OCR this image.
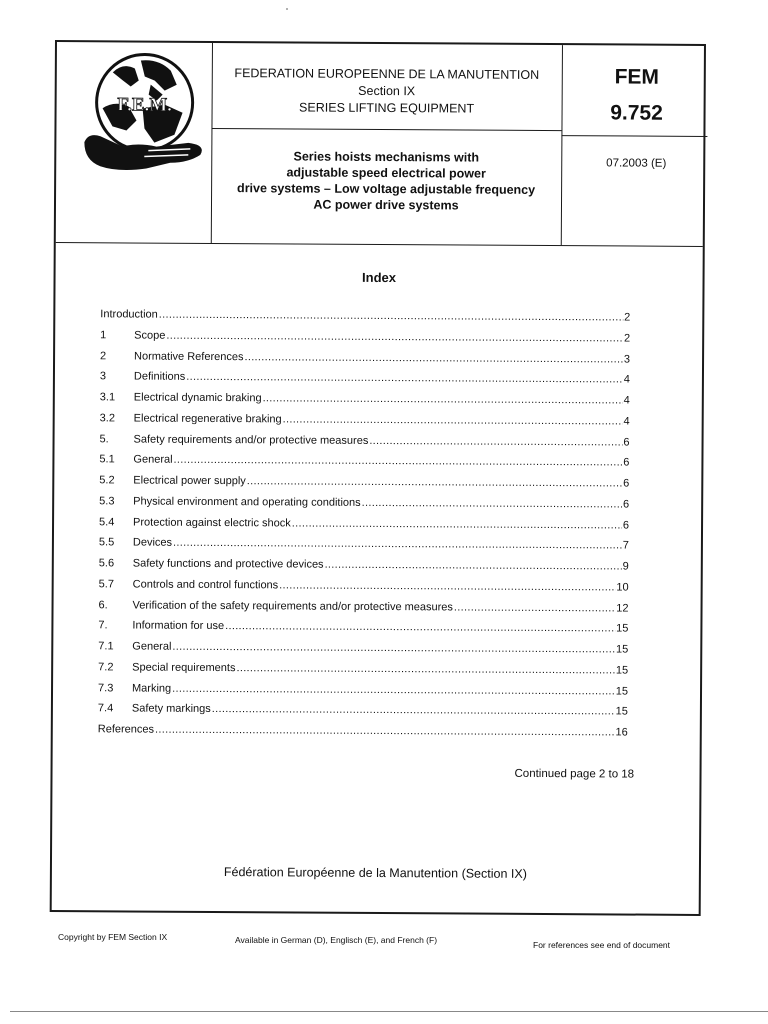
F.E.M.
FEDERATION EUROPEENNE DE LA MANUTENTION
Section IX
SERIES LIFTING EQUIPMENT
FEM
9.752
Series hoists mechanisms with
adjustable speed electrical power
drive systems – Low voltage adjustable frequency
AC power drive systems
07.2003 (E)
Index
Introduction .....	2
1	Scope .....	2
2	Normative References .....	3
3	Definitions .....	4
3.1	Electrical dynamic braking .....	4
3.2	Electrical regenerative braking .....	4
5.	Safety requirements and/or protective measures .....	6
5.1	General .....	6
5.2	Electrical power supply .....	6
5.3	Physical environment and operating conditions .....	6
5.4	Protection against electric shock .....	6
5.5	Devices .....	7
5.6	Safety functions and protective devices .....	9
5.7	Controls and control functions .....	10
6.	Verification of the safety requirements and/or protective measures .....	12
7.	Information for use .....	15
7.1	General .....	15
7.2	Special requirements .....	15
7.3	Marking .....	15
7.4	Safety markings .....	15
References .....	16
Continued page 2 to 18
Fédération Européenne de la Manutention (Section IX)
Copyright by FEM Section IX	Available in German (D), Englisch (E), and French (F)	For references see end of document
